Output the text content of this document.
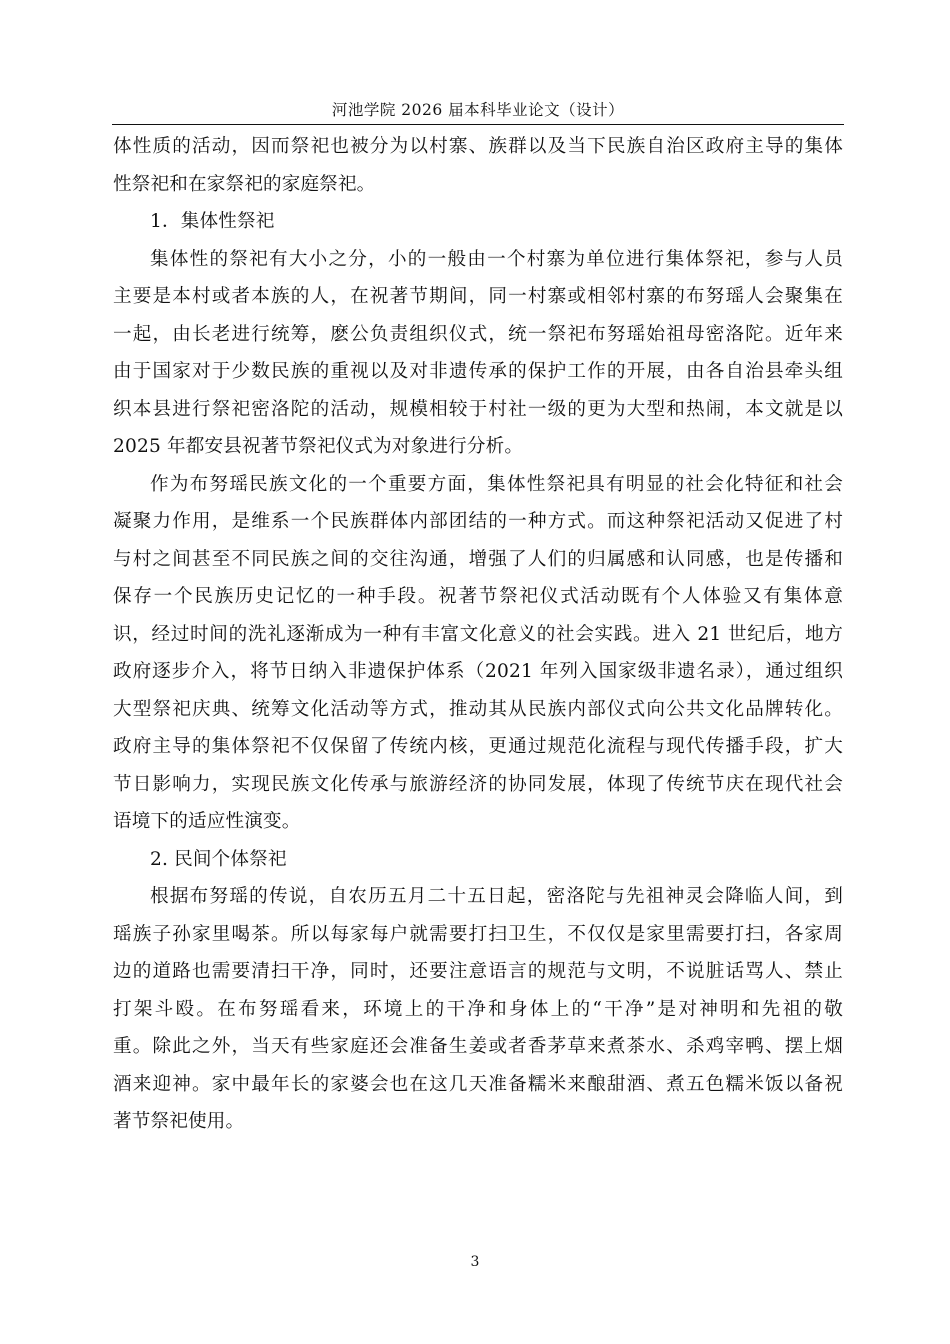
河池学院 2026 届本科毕业论文（设计）
体性质的活动，因而祭祀也被分为以村寨、族群以及当下民族自治区政府主导的集体
性祭祀和在家祭祀的家庭祭祀。
1．集体性祭祀
集体性的祭祀有大小之分，小的一般由一个村寨为单位进行集体祭祀，参与人员
主要是本村或者本族的人，在祝著节期间，同一村寨或相邻村寨的布努瑶人会聚集在
一起，由长老进行统筹，麽公负责组织仪式，统一祭祀布努瑶始祖母密洛陀。近年来
由于国家对于少数民族的重视以及对非遗传承的保护工作的开展，由各自治县牵头组
织本县进行祭祀密洛陀的活动，规模相较于村社一级的更为大型和热闹，本文就是以
2025 年都安县祝著节祭祀仪式为对象进行分析。
作为布努瑶民族文化的一个重要方面，集体性祭祀具有明显的社会化特征和社会
凝聚力作用，是维系一个民族群体内部团结的一种方式。而这种祭祀活动又促进了村
与村之间甚至不同民族之间的交往沟通，增强了人们的归属感和认同感，也是传播和
保存一个民族历史记忆的一种手段。祝著节祭祀仪式活动既有个人体验又有集体意
识，经过时间的洗礼逐渐成为一种有丰富文化意义的社会实践。进入 21 世纪后，地方
政府逐步介入，将节日纳入非遗保护体系（2021 年列入国家级非遗名录），通过组织
大型祭祀庆典、统筹文化活动等方式，推动其从民族内部仪式向公共文化品牌转化。
政府主导的集体祭祀不仅保留了传统内核，更通过规范化流程与现代传播手段，扩大
节日影响力，实现民族文化传承与旅游经济的协同发展，体现了传统节庆在现代社会
语境下的适应性演变。
2. 民间个体祭祀
根据布努瑶的传说，自农历五月二十五日起，密洛陀与先祖神灵会降临人间，到
瑶族子孙家里喝茶。所以每家每户就需要打扫卫生，不仅仅是家里需要打扫，各家周
边的道路也需要清扫干净，同时，还要注意语言的规范与文明，不说脏话骂人、禁止
打架斗殴。在布努瑶看来，环境上的干净和身体上的“干净”是对神明和先祖的敬
重。除此之外，当天有些家庭还会准备生姜或者香茅草来煮茶水、杀鸡宰鸭、摆上烟
酒来迎神。家中最年长的家婆会也在这几天准备糯米来酿甜酒、煮五色糯米饭以备祝
著节祭祀使用。
3
